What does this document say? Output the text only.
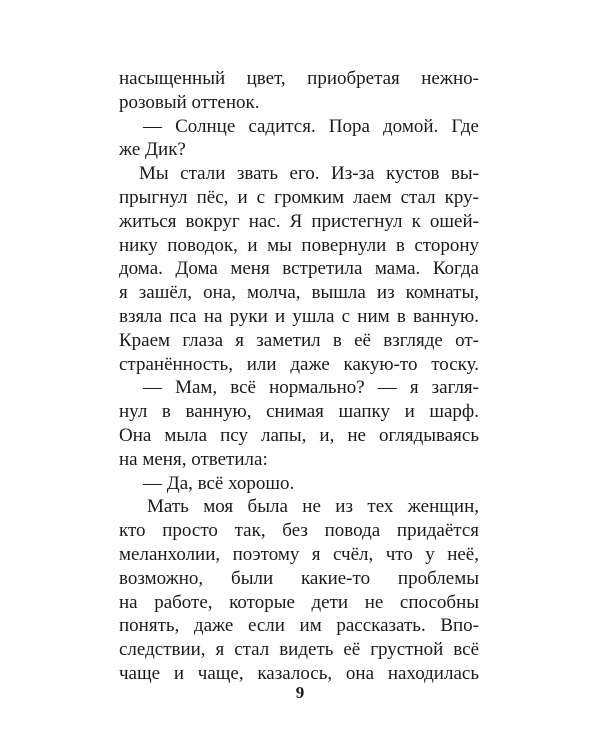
насыщенный цвет, приобретая нежно-
розовый оттенок.
— Солнце садится. Пора домой. Где
же Дик?
Мы стали звать его. Из-за кустов вы-
прыгнул пёс, и с громким лаем стал кру-
житься вокруг нас. Я пристегнул к ошей-
нику поводок, и мы повернули в сторону
дома. Дома меня встретила мама. Когда
я зашёл, она, молча, вышла из комнаты,
взяла пса на руки и ушла с ним в ванную.
Краем глаза я заметил в её взгляде от-
странённость, или даже какую-то тоску.
— Мам, всё нормально? — я загля-
нул в ванную, снимая шапку и шарф.
Она мыла псу лапы, и, не оглядываясь
на меня, ответила:
— Да, всё хорошо.
Мать моя была не из тех женщин,
кто просто так, без повода придаётся
меланхолии, поэтому я счёл, что у неё,
возможно, были какие-то проблемы
на работе, которые дети не способны
понять, даже если им рассказать. Впо-
следствии, я стал видеть её грустной всё
чаще и чаще, казалось, она находилась
9
